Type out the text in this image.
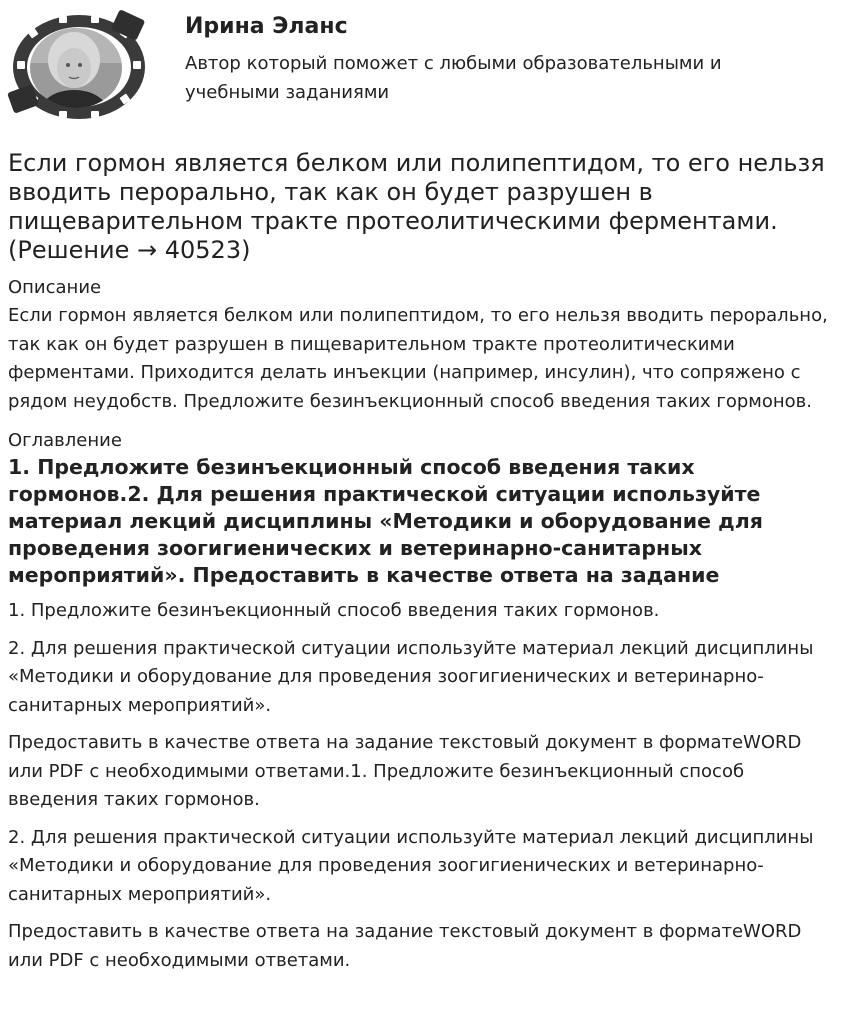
Ирина Эланс
Автор который поможет с любыми образовательными и учебными заданиями
Если гормон является белком или полипептидом, то его нельзя вводить перорально, так как он будет разрушен в пищеварительном тракте протеолитическими ферментами. (Решение → 40523)
Описание
Если гормон является белком или полипептидом, то его нельзя вводить перорально, так как он будет разрушен в пищеварительном тракте протеолитическими ферментами. Приходится делать инъекции (например, инсулин), что сопряжено с рядом неудобств. Предложите безинъекционный способ введения таких гормонов.
Оглавление
1. Предложите безинъекционный способ введения таких гормонов.2. Для решения практической ситуации используйте материал лекций дисциплины «Методики и оборудование для проведения зоогигиенических и ветеринарно-санитарных мероприятий». Предоставить в качестве ответа на задание
1. Предложите безинъекционный способ введения таких гормонов.
2. Для решения практической ситуации используйте материал лекций дисциплины «Методики и оборудование для проведения зоогигиенических и ветеринарно-санитарных мероприятий».
Предоставить в качестве ответа на задание текстовый документ в форматеWORD или PDF с необходимыми ответами.1. Предложите безинъекционный способ введения таких гормонов.
2. Для решения практической ситуации используйте материал лекций дисциплины «Методики и оборудование для проведения зоогигиенических и ветеринарно-санитарных мероприятий».
Предоставить в качестве ответа на задание текстовый документ в форматеWORD или PDF с необходимыми ответами.
